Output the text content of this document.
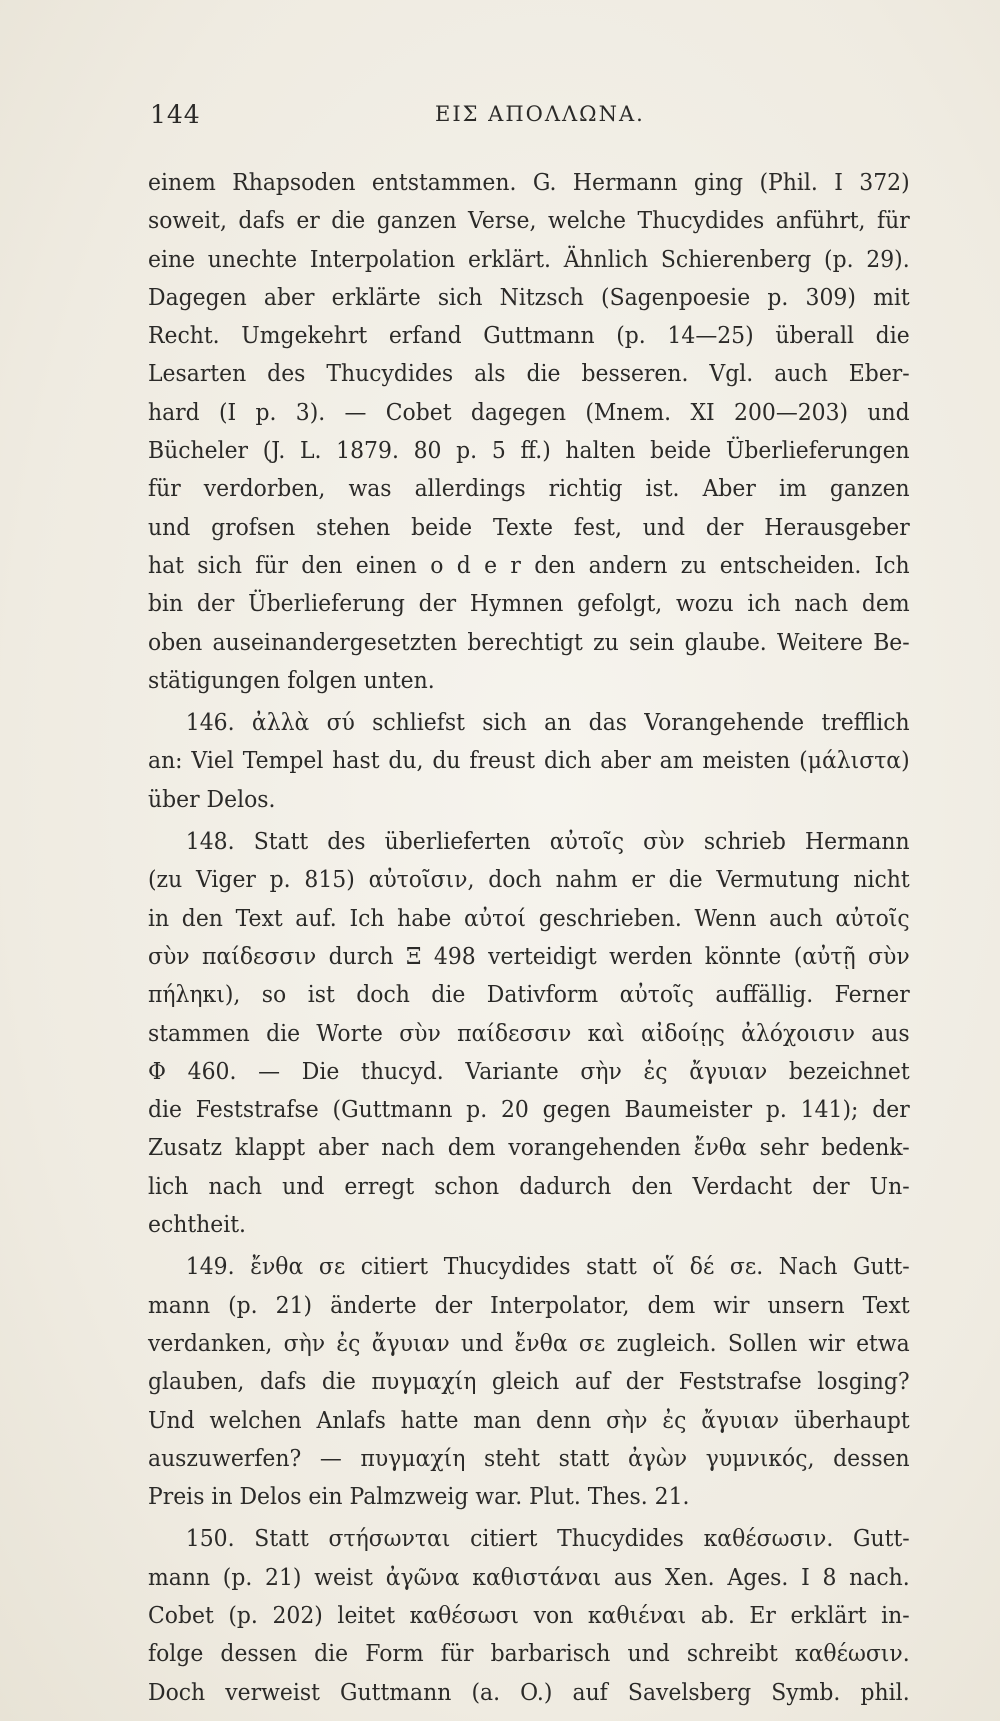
144	ΕΙΣ ΑΠΟΛΛΩΝΑ.
einem Rhapsoden entstammen. G. Hermann ging (Phil. I 372)
soweit, dafs er die ganzen Verse, welche Thucydides anführt, für
eine unechte Interpolation erklärt. Ähnlich Schierenberg (p. 29).
Dagegen aber erklärte sich Nitzsch (Sagenpoesie p. 309) mit
Recht. Umgekehrt erfand Guttmann (p. 14—25) überall die
Lesarten des Thucydides als die besseren. Vgl. auch Eber-
hard (I p. 3). — Cobet dagegen (Mnem. XI 200—203) und
Bücheler (J. L. 1879. 80 p. 5 ff.) halten beide Überlieferungen
für verdorben, was allerdings richtig ist. Aber im ganzen
und grofsen stehen beide Texte fest, und der Herausgeber
hat sich für den einen o d e r den andern zu entscheiden. Ich
bin der Überlieferung der Hymnen gefolgt, wozu ich nach dem
oben auseinandergesetzten berechtigt zu sein glaube. Weitere Be-
stätigungen folgen unten.
146. ἀλλὰ σύ schliefst sich an das Vorangehende trefflich
an: Viel Tempel hast du, du freust dich aber am meisten (μάλιστα)
über Delos.
148. Statt des überlieferten αὐτοῖς σὺν schrieb Hermann
(zu Viger p. 815) αὐτοῖσιν, doch nahm er die Vermutung nicht
in den Text auf. Ich habe αὐτοί geschrieben. Wenn auch αὐτοῖς
σὺν παίδεσσιν durch Ξ 498 verteidigt werden könnte (αὐτῇ σὺν
πήληκι), so ist doch die Dativform αὐτοῖς auffällig. Ferner
stammen die Worte σὺν παίδεσσιν καὶ αἰδοίῃς ἀλόχοισιν aus
Φ 460. — Die thucyd. Variante σὴν ἐς ἄγυιαν bezeichnet
die Feststrafse (Guttmann p. 20 gegen Baumeister p. 141); der
Zusatz klappt aber nach dem vorangehenden ἔνθα sehr bedenk-
lich nach und erregt schon dadurch den Verdacht der Un-
echtheit.
149. ἔνθα σε citiert Thucydides statt οἵ δέ σε. Nach Gutt-
mann (p. 21) änderte der Interpolator, dem wir unsern Text
verdanken, σὴν ἐς ἄγυιαν und ἔνθα σε zugleich. Sollen wir etwa
glauben, dafs die πυγμαχίη gleich auf der Feststrafse losging?
Und welchen Anlafs hatte man denn σὴν ἐς ἄγυιαν überhaupt
auszuwerfen? — πυγμαχίη steht statt ἀγὼν γυμνικός, dessen
Preis in Delos ein Palmzweig war. Plut. Thes. 21.
150. Statt στήσωνται citiert Thucydides καθέσωσιν. Gutt-
mann (p. 21) weist ἀγῶνα καθιστάναι aus Xen. Ages. I 8 nach.
Cobet (p. 202) leitet καθέσωσι von καθιέναι ab. Er erklärt in-
folge dessen die Form für barbarisch und schreibt καθέωσιν.
Doch verweist Guttmann (a. O.) auf Savelsberg Symb. phil.
